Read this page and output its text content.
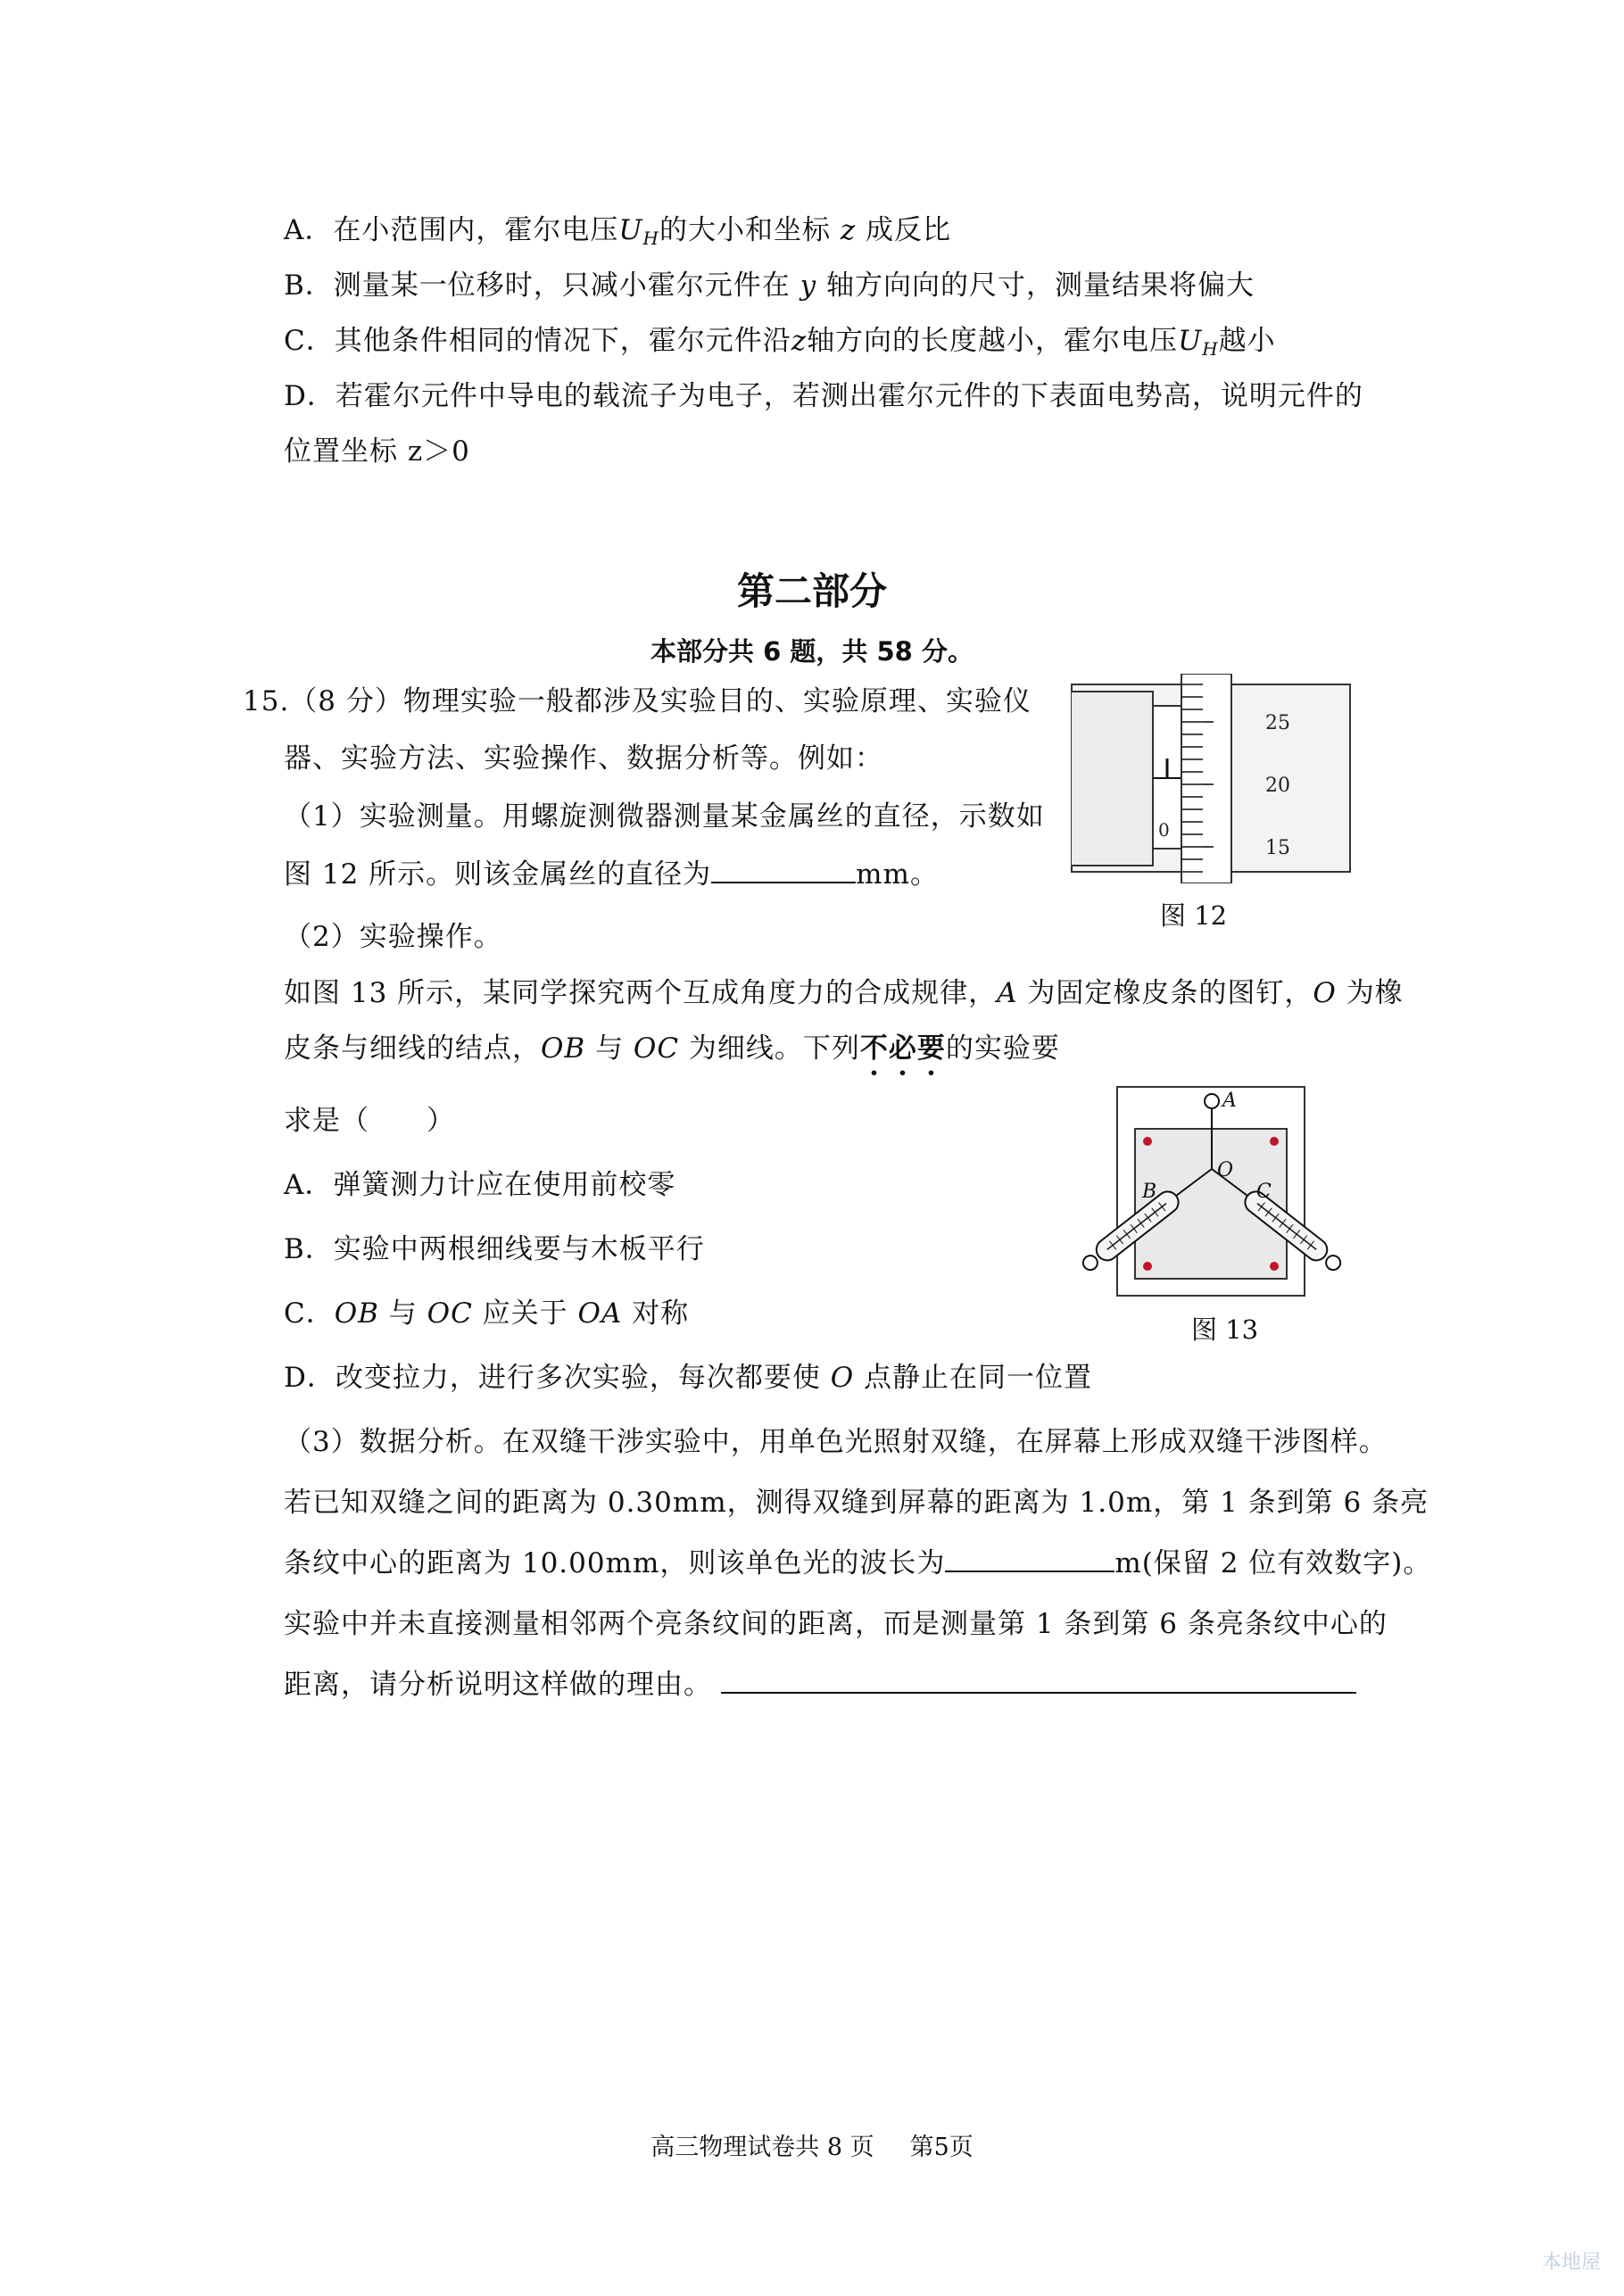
A．在小范围内，霍尔电压$U_H$的大小和坐标 z 成反比
B．测量某一位移时，只减小霍尔元件在 y 轴方向向的尺寸，测量结果将偏大
C．其他条件相同的情况下，霍尔元件沿z轴方向的长度越小，霍尔电压$U_H$越小
D．若霍尔元件中导电的载流子为电子，若测出霍尔元件的下表面电势高，说明元件的
位置坐标 z＞0
第二部分
本部分共 6 题，共 58 分。
15.（8 分）物理实验一般都涉及实验目的、实验原理、实验仪
器、实验方法、实验操作、数据分析等。例如：
（1）实验测量。用螺旋测微器测量某金属丝的直径，示数如
图 12 所示。则该金属丝的直径为	mm。
25
20
15
0
图 12
（2）实验操作。
如图 13 所示，某同学探究两个互成角度力的合成规律，A 为固定橡皮条的图钉，O 为橡
皮条与细线的结点，OB 与 OC 为细线。下列不必要的实验要
求是（　　）
A．弹簧测力计应在使用前校零
B．实验中两根细线要与木板平行
C．OB 与 OC 应关于 OA 对称
D．改变拉力，进行多次实验，每次都要使 O 点静止在同一位置
A
O
B	C
图 13
（3）数据分析。在双缝干涉实验中，用单色光照射双缝，在屏幕上形成双缝干涉图样。
若已知双缝之间的距离为 0.30mm，测得双缝到屏幕的距离为 1.0m，第 1 条到第 6 条亮
条纹中心的距离为 10.00mm，则该单色光的波长为	m(保留 2 位有效数字)。
实验中并未直接测量相邻两个亮条纹间的距离，而是测量第 1 条到第 6 条亮条纹中心的
距离，请分析说明这样做的理由。
高三物理试卷共 8 页 第5页
本地屋
